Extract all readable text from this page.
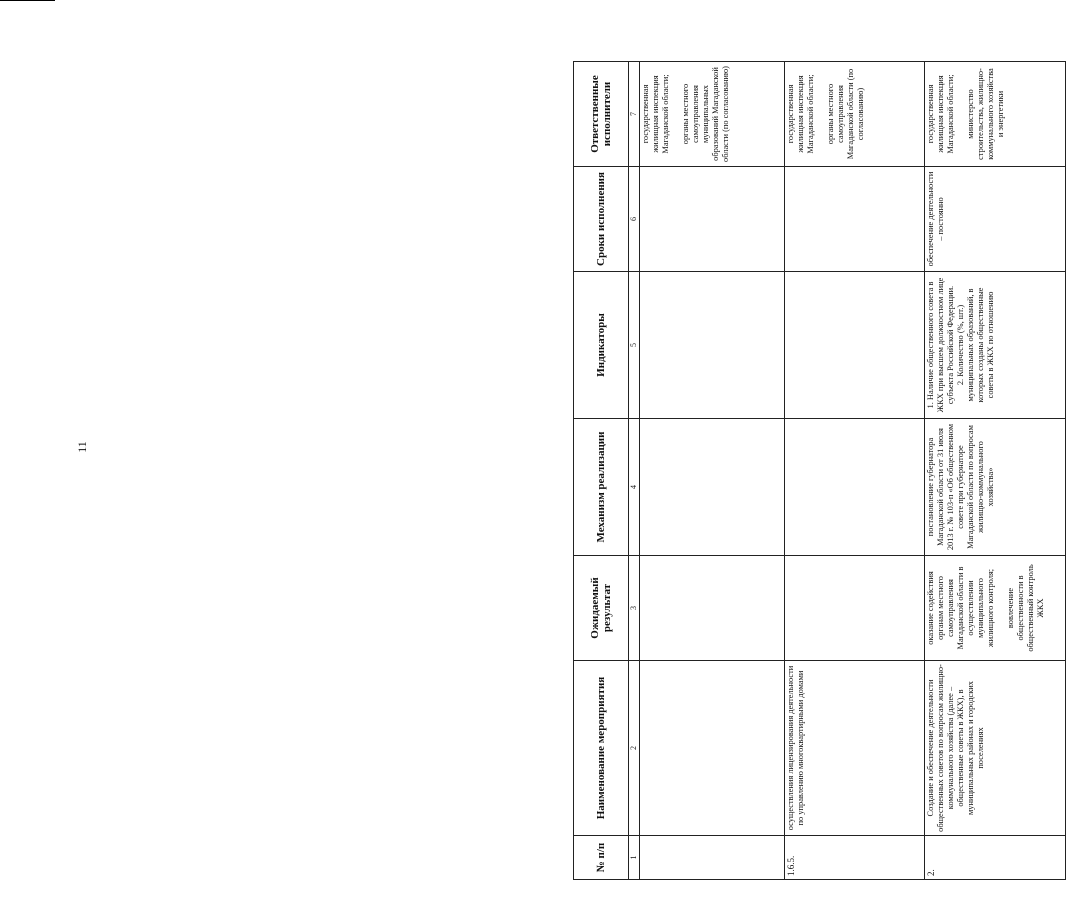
11
№ п/п	Наименование мероприятия	Ожидаемый результат	Механизм реализации	Индикаторы	Сроки исполнения	Ответственные исполнители
1	2	3	4	5	6	7

						государственная жилищная инспекция Магаданской области; органы местного самоуправления муниципальных образований Магаданской области (по согласованию)

1.6.5.	осуществления лицензирования деятельности по управлению многоквартирными домами					государственная жилищная инспекция Магаданской области; органы местного самоуправления Магаданской области (по согласованию)

2.	Создание и обеспечение деятельности общественных советов по вопросам жилищно-коммунального хозяйства (далее – общественные советы в ЖКХ), в муниципальных районах и городских поселениях	оказание содействия органам местного самоуправления Магаданской области в осуществлении муниципального жилищного контроля; вовлечение общественности в общественный контроль ЖКХ	постановление губернатора Магаданской области от 31 июля 2013 г. № 103-п «Об общественном совете при губернаторе Магаданской области по вопросам жилищно-коммунального хозяйства»	1. Наличие общественного совета в ЖКХ при высшем должностном лице субъекта Российской Федерации. 2. Количество (%, шт.) муниципальных образований, в которых созданы общественные советы в ЖКХ по отношению	обеспечение деятельности – постоянно	государственная жилищная инспекция Магаданской области; министерство строительства, жилищно-коммунального хозяйства и энергетики
